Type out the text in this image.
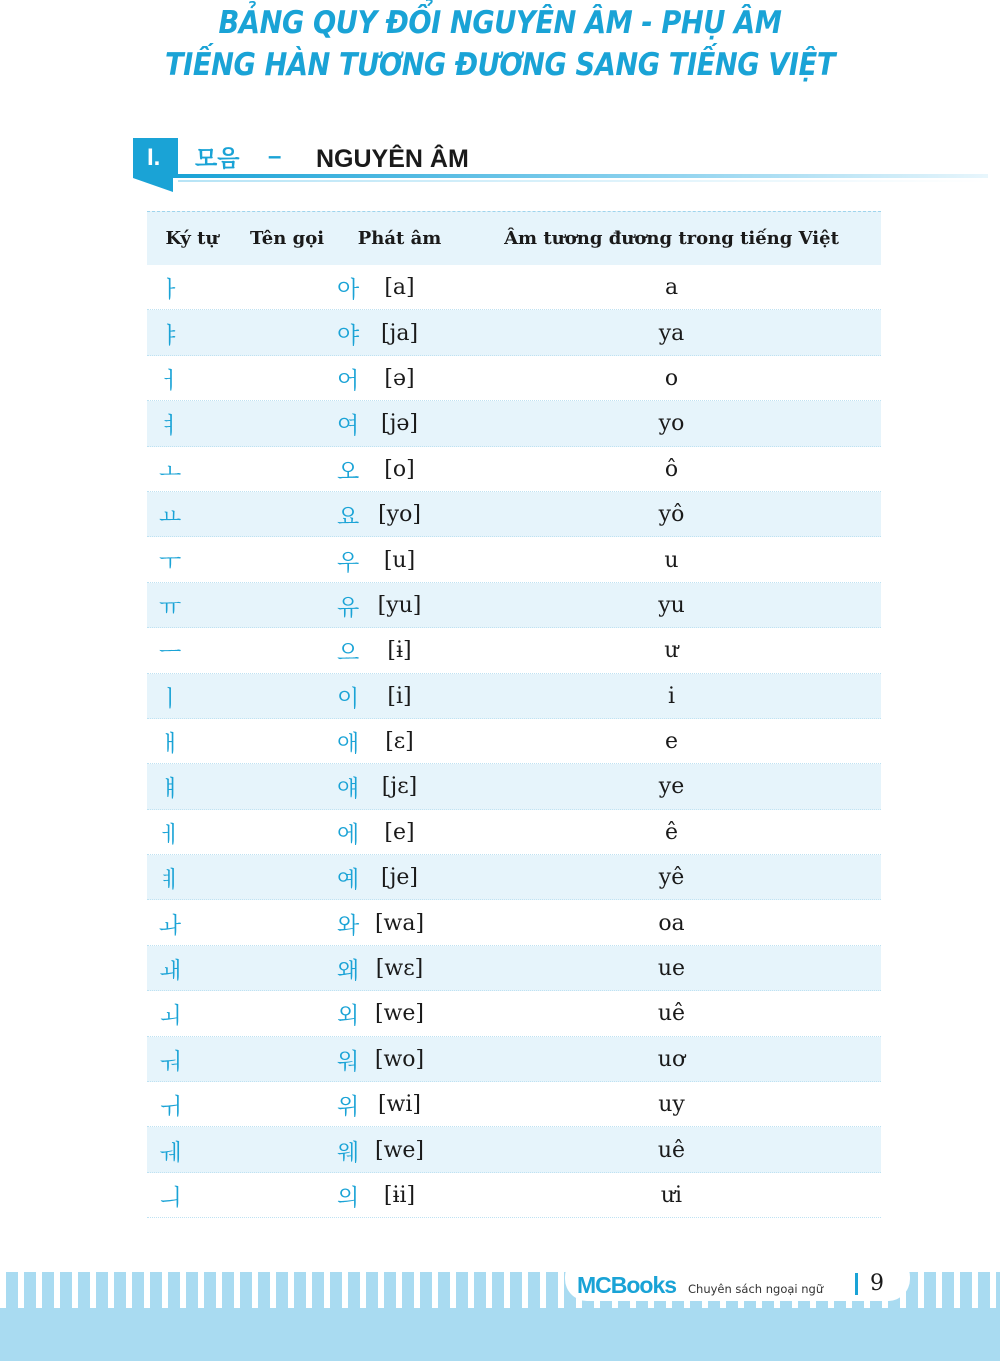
BẢNG QUY ĐỔI NGUYÊN ÂM - PHỤ ÂM
TIẾNG HÀN TƯƠNG ĐƯƠNG SANG TIẾNG VIỆT
I.	모음 – NGUYÊN ÂM
Ký tự	Tên gọi	Phát âm	Âm tương đương trong tiếng Việt
ㅏ	아	[a]	a
ㅑ	야 [ja]	ya
ㅓ	어	[ə]	o
ㅕ	여 [jə]	yo
ㅗ	오	[o]	ô
ㅛ	요 [yo]	yô
ㅜ	우	[u]	u
ㅠ	유 [yu]	yu
ㅡ	으	[ɨ]	ư
ㅣ	이	[i]	i
ㅐ	애	[ɛ]	e
ㅒ	얘	[jɛ]	ye
ㅔ	에	[e]	ê
ㅖ	예 [je]	yê
ㅘ	와 [wa]	oa
ㅙ	왜 [wɛ]	ue
ㅚ	외 [we]	uê
ㅝ	워 [wo]	uơ
ㅟ	위 [wi]	uy
ㅞ	웨 [we]	uê
ㅢ	의	[ɨi]	ưi
MCBooks Chuyên sách ngoại ngữ 9
